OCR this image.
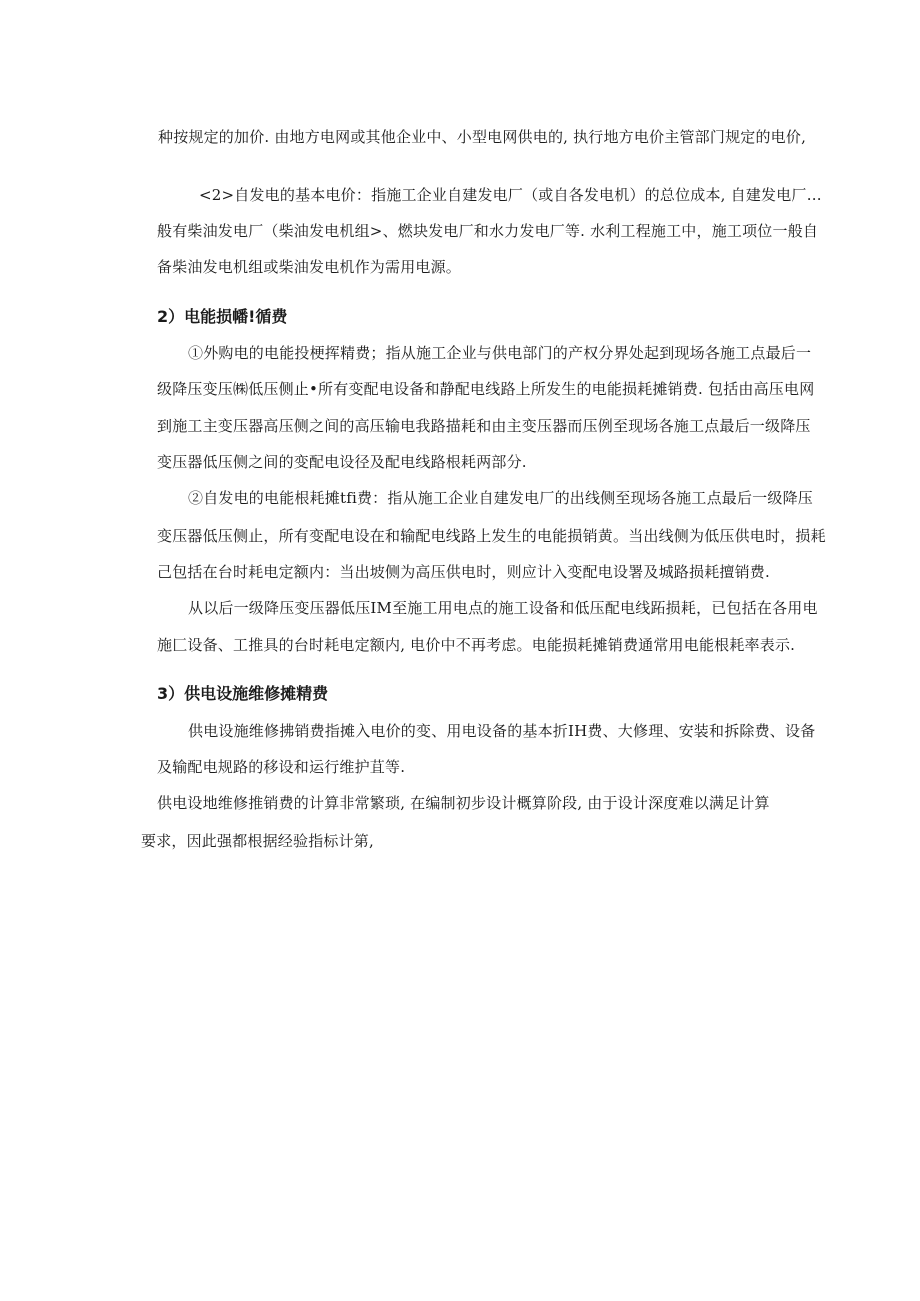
种按规定的加价. 由地方电网或其他企业中、小型电网供电的, 执行地方电价主管部门规定的电价,
<2>自发电的基本电价：指施工企业自建发电厂（或自各发电机）的总位成本, 自建发电厂…
般有柴油发电厂（柴油发电机组>、燃块发电厂和水力发电厂等. 水利工程施工中，施工项位一般自
备柴油发电机组或柴油发电机作为需用电源。
2）电能损幡!循费
①外购电的电能投梗挥精费；指从施工企业与供电部门的产权分界处起到现场各施工点最后一
级降压变压㈱低压侧止•所有变配电设备和静配电线路上所发生的电能损耗摊销费. 包括由高压电网
到施工主变压器高压侧之间的高压输电我路描耗和由主变压器而压例至现场各施工点最后一级降压
变压器低压侧之间的变配电设径及配电线路根耗两部分.
②自发电的电能根耗摊tfi费：指从施工企业自建发电厂的出线侧至现场各施工点最后一级降压
变压器低压侧止，所有变配电设在和输配电线路上发生的电能损销黄。当出线侧为低压供电时，损耗
己包括在台时耗电定额内：当出坡侧为高压供电时，则应计入变配电设署及城路损耗擅销费.
从以后一级降压变压器低压IM至施工用电点的施工设备和低压配电线跖损耗，已包括在各用电
施匚设备、工推具的台时耗电定额内, 电价中不再考虑。电能损耗摊销费通常用电能根耗率表示.
3）供电设施维修摊精费
供电设施维修拂销费指摊入电价的变、用电设备的基本折IH费、大修理、安装和拆除费、设备
及输配电规路的移设和运行维护苴等.
供电设地维修推销费的计算非常繁琐, 在编制初步设计概算阶段, 由于设计深度难以满足计算
要求，因此强都根据经验指标计第,
